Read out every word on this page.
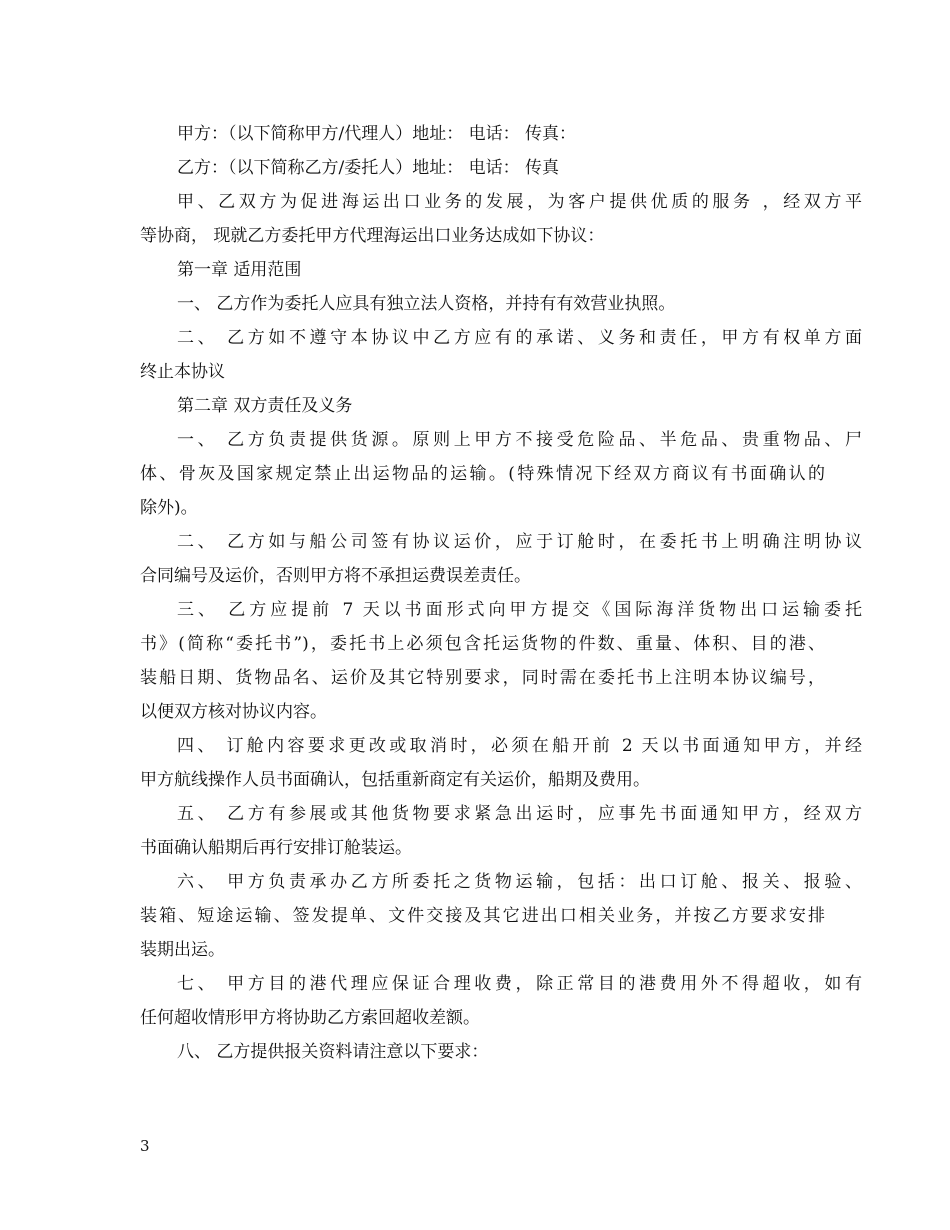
甲方：（以下简称甲方/代理人）地址： 电话： 传真：

乙方：（以下简称乙方/委托人）地址： 电话： 传真

甲、乙双方为促进海运出口业务的发展，为客户提供优质的服务 ，经双方平

等协商， 现就乙方委托甲方代理海运出口业务达成如下协议：

第一章 适用范围

一、 乙方作为委托人应具有独立法人资格，并持有有效营业执照。

二、 乙方如不遵守本协议中乙方应有的承诺、义务和责任，甲方有权单方面

终止本协议

第二章 双方责任及义务

一、 乙方负责提供货源。原则上甲方不接受危险品、半危品、贵重物品、尸

体、骨灰及国家规定禁止出运物品的运输。(特殊情况下经双方商议有书面确认的

除外)。

二、 乙方如与船公司签有协议运价，应于订舱时，在委托书上明确注明协议

合同编号及运价，否则甲方将不承担运费误差责任。

三、 乙方应提前 7 天以书面形式向甲方提交《国际海洋货物出口运输委托

书》(简称“委托书”)，委托书上必须包含托运货物的件数、重量、体积、目的港、

装船日期、货物品名、运价及其它特别要求，同时需在委托书上注明本协议编号，

以便双方核对协议内容。

四、 订舱内容要求更改或取消时，必须在船开前 2 天以书面通知甲方，并经

甲方航线操作人员书面确认，包括重新商定有关运价，船期及费用。

五、 乙方有参展或其他货物要求紧急出运时，应事先书面通知甲方，经双方

书面确认船期后再行安排订舱装运。

六、 甲方负责承办乙方所委托之货物运输，包括：出口订舱、报关、报验、

装箱、短途运输、签发提单、文件交接及其它进出口相关业务，并按乙方要求安排

装期出运。

七、 甲方目的港代理应保证合理收费，除正常目的港费用外不得超收，如有

任何超收情形甲方将协助乙方索回超收差额。

八、 乙方提供报关资料请注意以下要求：

3
